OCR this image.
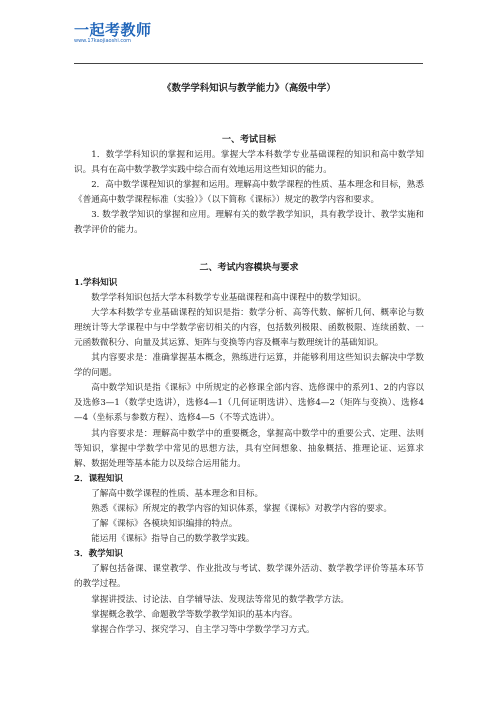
一起考教师
www.17kaojiaoshi.com
《数学学科知识与教学能力》（高级中学）
一、考试目标

1．数学学科知识的掌握和运用。掌握大学本科数学专业基础课程的知识和高中数学知识。具有在高中数学教学实践中综合而有效地运用这些知识的能力。

2．高中数学课程知识的掌握和运用。理解高中数学课程的性质、基本理念和目标，熟悉《普通高中数学课程标准（实验）》（以下简称《课标》）规定的教学内容和要求。

3. 数学教学知识的掌握和应用。理解有关的数学教学知识，具有教学设计、教学实施和教学评价的能力。

二、考试内容模块与要求
1.学科知识

数学学科知识包括大学本科数学专业基础课程和高中课程中的数学知识。

大学本科数学专业基础课程的知识是指：数学分析、高等代数、解析几何、概率论与数理统计等大学课程中与中学数学密切相关的内容，包括数列极限、函数极限、连续函数、一元函数微积分、向量及其运算、矩阵与变换等内容及概率与数理统计的基础知识。

其内容要求是：准确掌握基本概念，熟练进行运算，并能够利用这些知识去解决中学数学的问题。

高中数学知识是指《课标》中所规定的必修课全部内容、选修课中的系列1、2的内容以及选修3—1（数学史选讲），选修4—1（几何证明选讲）、选修4—2（矩阵与变换）、选修4—4（坐标系与参数方程）、选修4—5（不等式选讲）。

其内容要求是：理解高中数学中的重要概念，掌握高中数学中的重要公式、定理、法则等知识，掌握中学数学中常见的思想方法，具有空间想象、抽象概括、推理论证、运算求解、数据处理等基本能力以及综合运用能力。

2．课程知识

了解高中数学课程的性质、基本理念和目标。

熟悉《课标》所规定的教学内容的知识体系，掌握《课标》对教学内容的要求。

了解《课标》各模块知识编排的特点。

能运用《课标》指导自己的数学教学实践。

3．教学知识

了解包括备课、课堂教学、作业批改与考试、数学课外活动、数学教学评价等基本环节的教学过程。

掌握讲授法、讨论法、自学辅导法、发现法等常见的数学教学方法。

掌握概念教学、命题教学等数学教学知识的基本内容。

掌握合作学习、探究学习、自主学习等中学数学学习方式。
